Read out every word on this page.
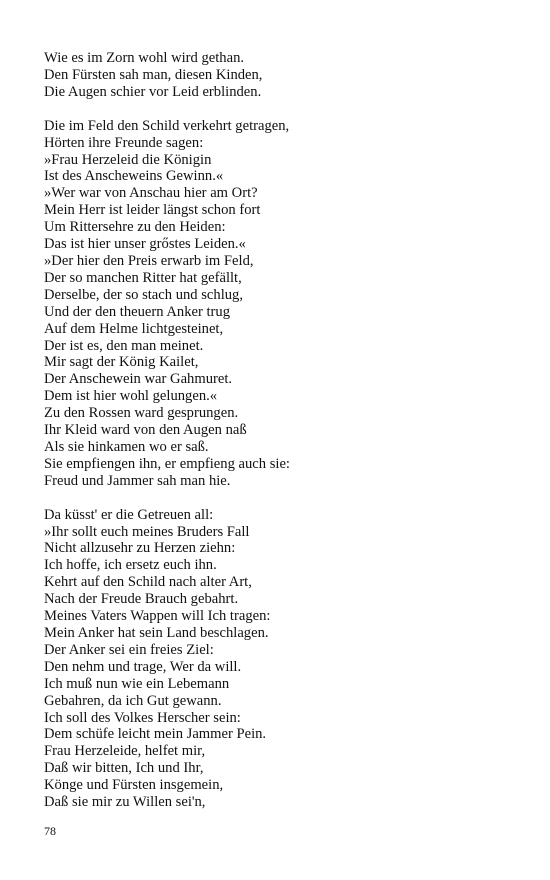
Wie es im Zorn wohl wird gethan.
Den Fürsten sah man, diesen Kinden,
Die Augen schier vor Leid erblinden.
Die im Feld den Schild verkehrt getragen,
Hörten ihre Freunde sagen:
»Frau Herzeleid die Königin
Ist des Anscheweins Gewinn.«
»Wer war von Anschau hier am Ort?
Mein Herr ist leider längst schon fort
Um Rittersehre zu den Heiden:
Das ist hier unser grőstes Leiden.«
»Der hier den Preis erwarb im Feld,
Der so manchen Ritter hat gefällt,
Derselbe, der so stach und schlug,
Und der den theuern Anker trug
Auf dem Helme lichtgesteinet,
Der ist es, den man meinet.
Mir sagt der König Kailet,
Der Anschewein war Gahmuret.
Dem ist hier wohl gelungen.«
Zu den Rossen ward gesprungen.
Ihr Kleid ward von den Augen naß
Als sie hinkamen wo er saß.
Sie empfiengen ihn, er empfieng auch sie:
Freud und Jammer sah man hie.
Da küsst' er die Getreuen all:
»Ihr sollt euch meines Bruders Fall
Nicht allzusehr zu Herzen ziehn:
Ich hoffe, ich ersetz euch ihn.
Kehrt auf den Schild nach alter Art,
Nach der Freude Brauch gebahrt.
Meines Vaters Wappen will Ich tragen:
Mein Anker hat sein Land beschlagen.
Der Anker sei ein freies Ziel:
Den nehm und trage, Wer da will.
Ich muß nun wie ein Lebemann
Gebahren, da ich Gut gewann.
Ich soll des Volkes Herscher sein:
Dem schüfe leicht mein Jammer Pein.
Frau Herzeleide, helfet mir,
Daß wir bitten, Ich und Ihr,
Könge und Fürsten insgemein,
Daß sie mir zu Willen sei'n,
78
